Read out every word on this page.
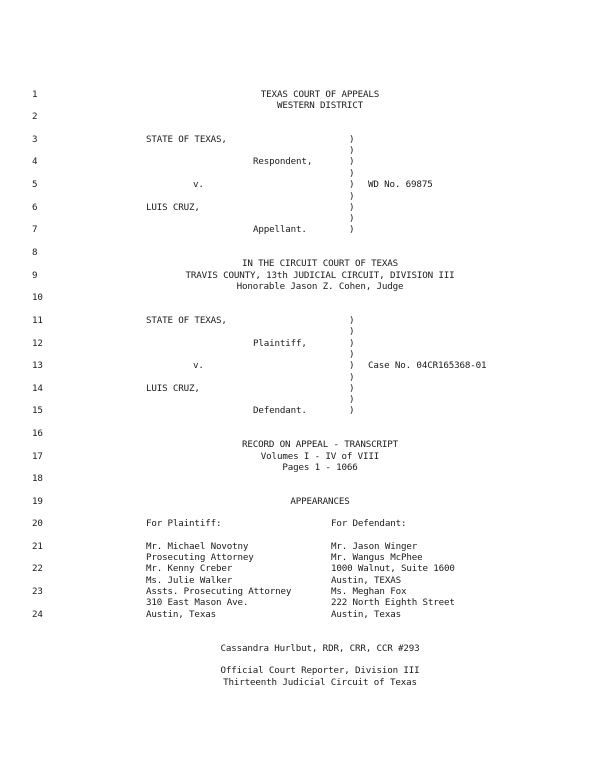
1
2
3
4
5
6
7
8
9
10
11
12
13
14
15
16
17
18
19
20
21
22
23
24
TEXAS COURT OF APPEALS
WESTERN DISTRICT
STATE OF TEXAS,
Respondent,
v.
LUIS CRUZ,
Appellant.
WD No. 69875
)
)
)
)
)
)
)
)
)
IN THE CIRCUIT COURT OF TEXAS
TRAVIS COUNTY, 13th JUDICIAL CIRCUIT, DIVISION III
Honorable Jason Z. Cohen, Judge
STATE OF TEXAS,
Plaintiff,
v.
LUIS CRUZ,
Defendant.
Case No. 04CR165368-01
)
)
)
)
)
)
)
)
)
RECORD ON APPEAL - TRANSCRIPT
Volumes I - IV of VIII
Pages 1 - 1066
APPEARANCES
For Plaintiff:	For Defendant:
Mr. Michael Novotny
Prosecuting Attorney
Mr. Kenny Creber
Ms. Julie Walker
Assts. Prosecuting Attorney
310 East Mason Ave.
Austin, Texas
Mr. Jason Winger
Mr. Wangus McPhee
1000 Walnut, Suite 1600
Austin, TEXAS
Ms. Meghan Fox
222 North Eighth Street
Austin, Texas
Cassandra Hurlbut, RDR, CRR, CCR #293
Official Court Reporter, Division III
Thirteenth Judicial Circuit of Texas
